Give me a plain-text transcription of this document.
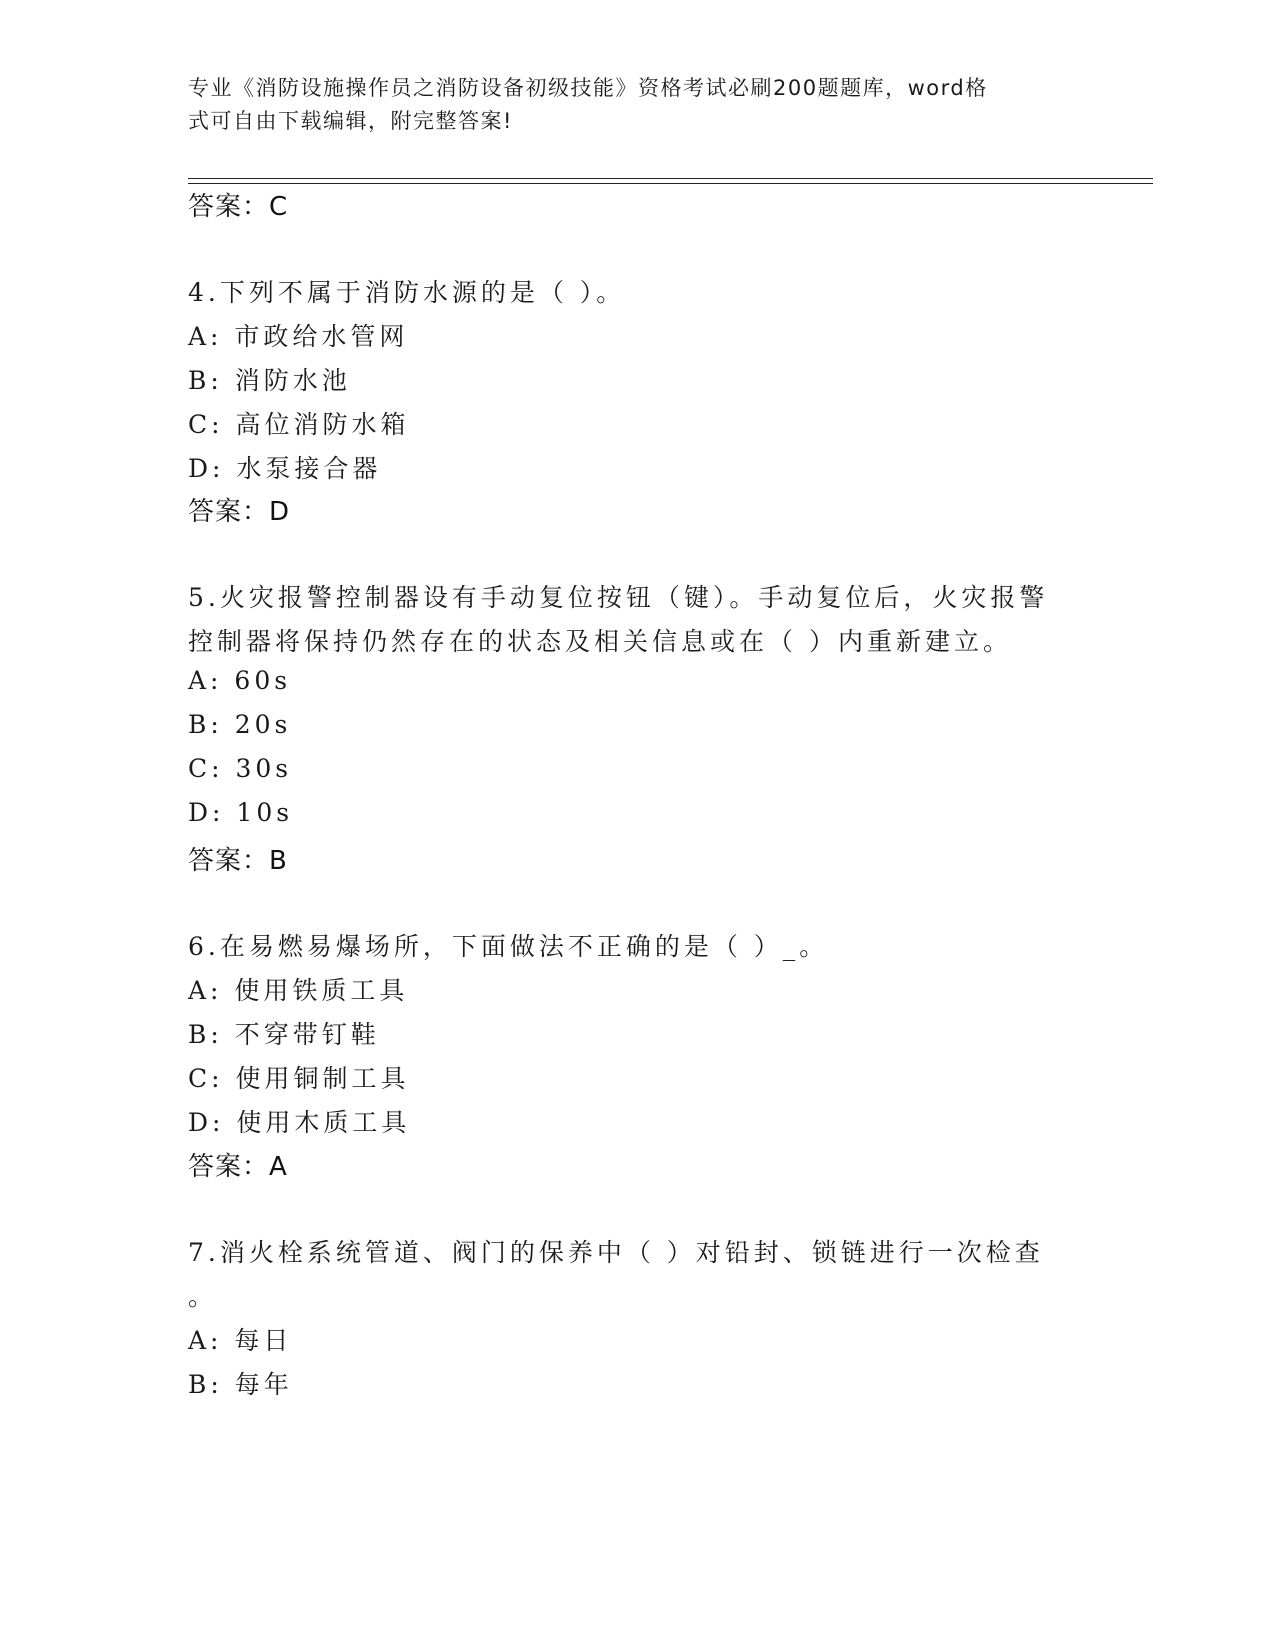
专业《消防设施操作员之消防设备初级技能》资格考试必刷200题题库，word格
式可自由下载编辑，附完整答案!
答案：C
4.下列不属于消防水源的是（ ）。
A: 市政给水管网
B: 消防水池
C: 高位消防水箱
D: 水泵接合器
答案：D
5.火灾报警控制器设有手动复位按钮（键）。手动复位后，火灾报警
控制器将保持仍然存在的状态及相关信息或在（ ）内重新建立。
A: 60s
B: 20s
C: 30s
D: 10s
答案：B
6.在易燃易爆场所，下面做法不正确的是（ ）_。
A: 使用铁质工具
B: 不穿带钉鞋
C: 使用铜制工具
D: 使用木质工具
答案：A
7.消火栓系统管道、阀门的保养中（ ）对铅封、锁链进行一次检查
。
A: 每日
B: 每年
